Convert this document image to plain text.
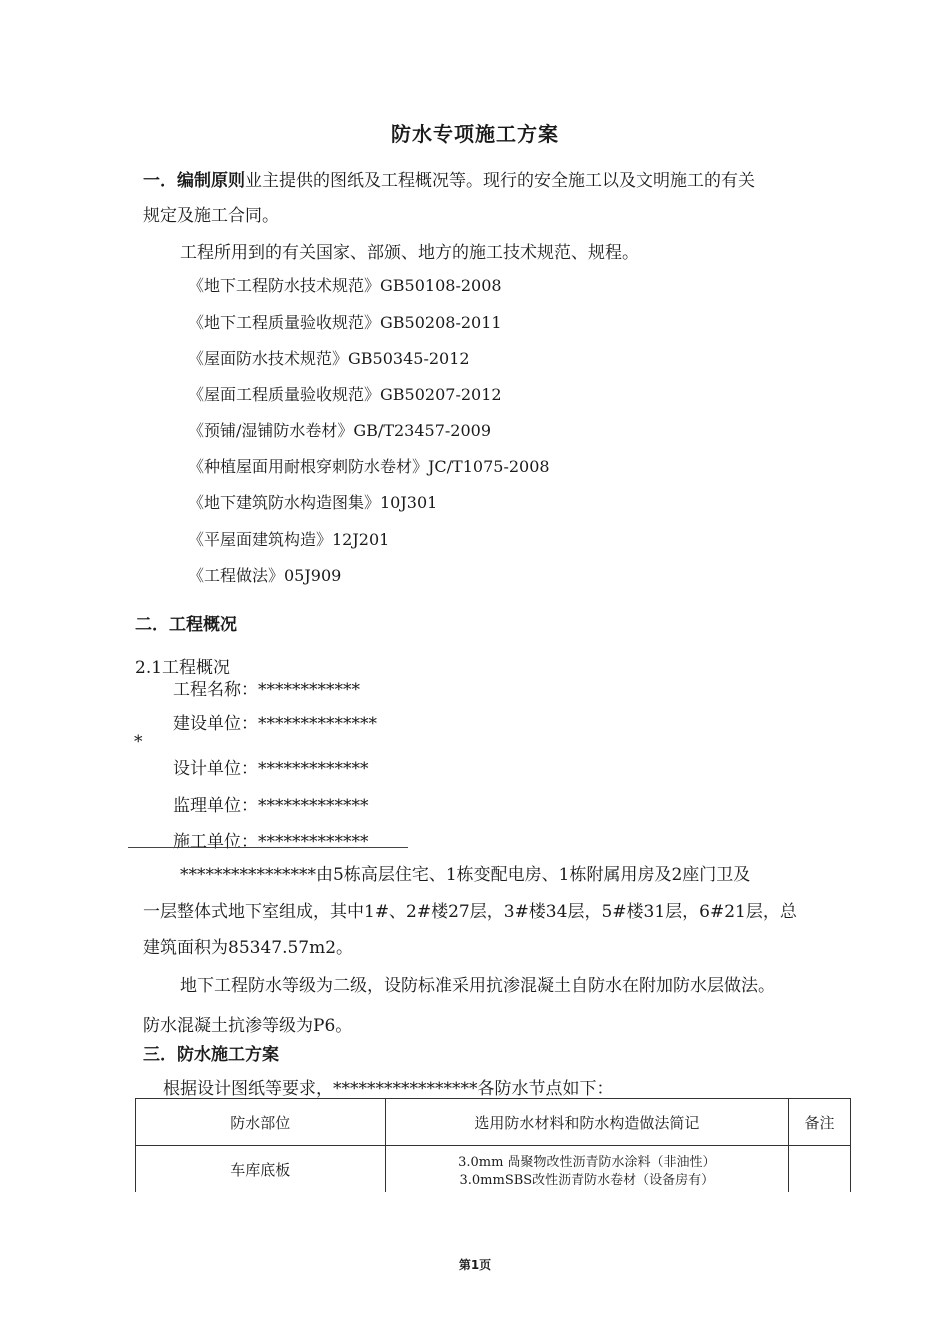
防水专项施工方案
一．编制原则业主提供的图纸及工程概况等。现行的安全施工以及文明施工的有关
规定及施工合同。
工程所用到的有关国家、部颁、地方的施工技术规范、规程。
《地下工程防水技术规范》GB50108-2008
《地下工程质量验收规范》GB50208-2011
《屋面防水技术规范》GB50345-2012
《屋面工程质量验收规范》GB50207-2012
《预铺/湿铺防水卷材》GB/T23457-2009
《种植屋面用耐根穿刺防水卷材》JC/T1075-2008
《地下建筑防水构造图集》10J301
《平屋面建筑构造》12J201
《工程做法》05J909
二．工程概况
2.1工程概况
工程名称：************
建设单位：**************
*
设计单位：*************
监理单位：*************
施工单位：*************
****************由5栋高层住宅、1栋变配电房、1栋附属用房及2座门卫及
一层整体式地下室组成，其中1#、2#楼27层，3#楼34层，5#楼31层，6#21层，总
建筑面积为85347.57m2。
地下工程防水等级为二级，设防标准采用抗渗混凝土自防水在附加防水层做法。
防水混凝土抗渗等级为P6。
三．防水施工方案
根据设计图纸等要求，*****************各防水节点如下：
防水部位	选用防水材料和防水构造做法简记	备注
车库底板	3.0mm 咼聚物改性沥青防水涂料（非油性）
3.0mmSBS改性沥青防水卷材（设备房有）	

第1页
